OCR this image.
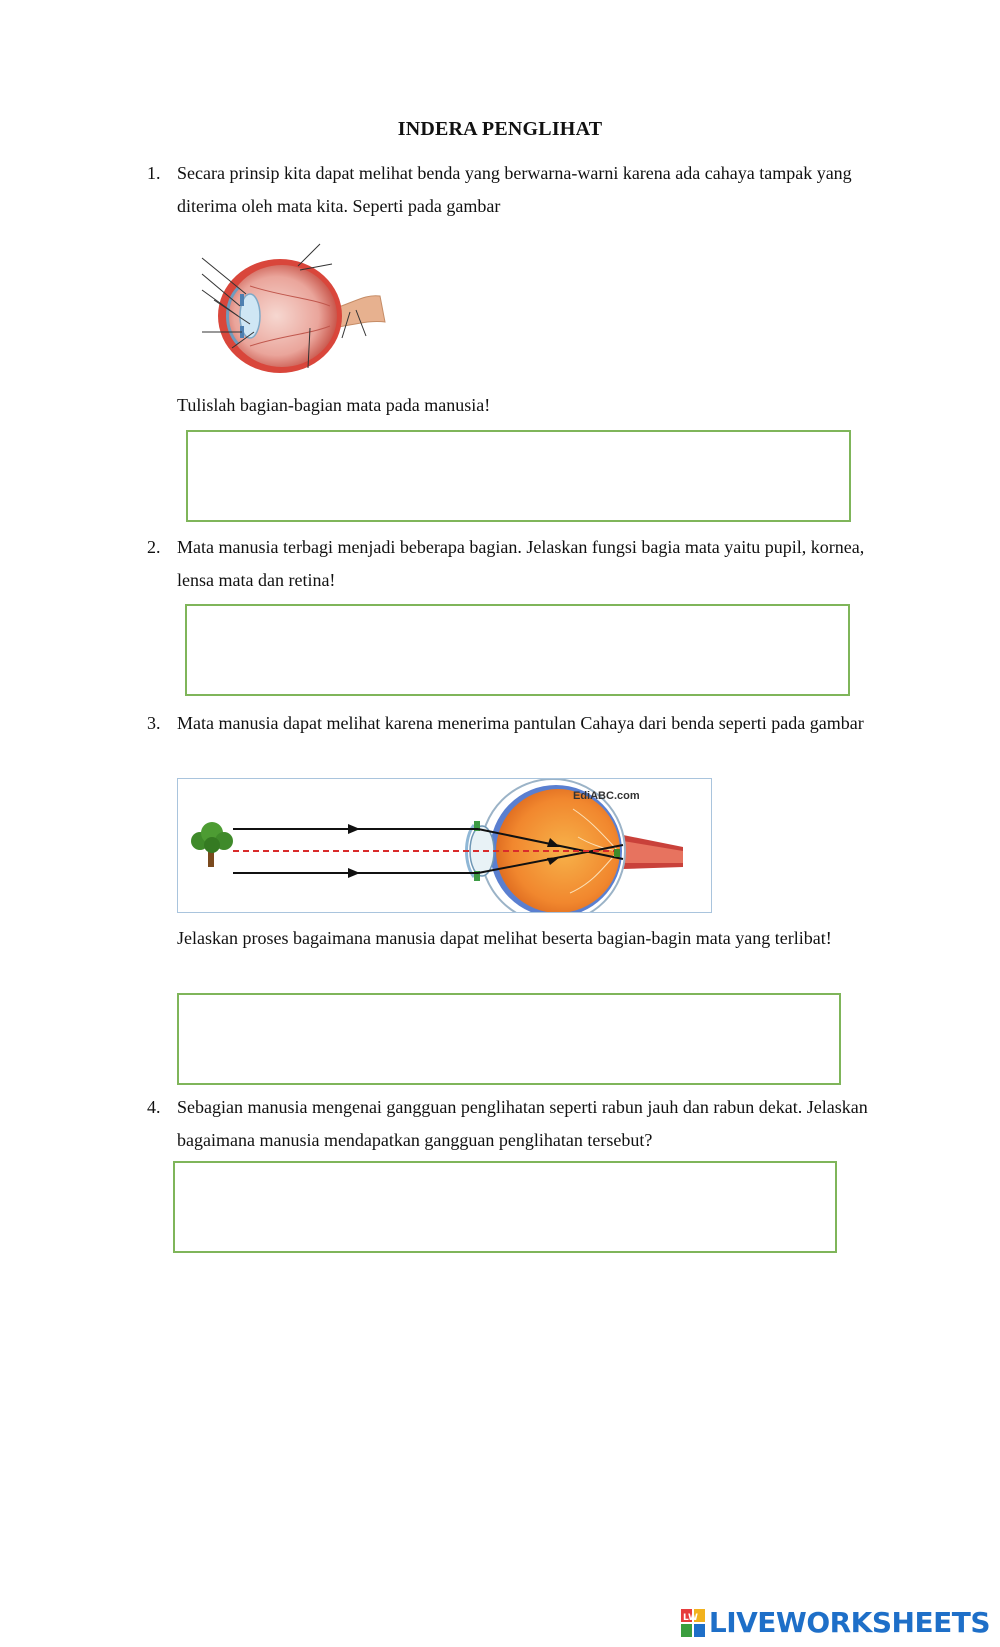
INDERA PENGLIHAT
1. Secara prinsip kita dapat melihat benda yang berwarna-warni karena ada cahaya tampak yang diterima oleh mata kita. Seperti pada gambar
Tulislah bagian-bagian mata pada manusia!
2. Mata manusia terbagi menjadi beberapa bagian. Jelaskan fungsi bagia mata yaitu pupil, kornea, lensa mata dan retina!
3. Mata manusia dapat melihat karena menerima pantulan Cahaya dari benda seperti pada gambar
EdiABC.com
Jelaskan proses bagaimana manusia dapat melihat beserta bagian-bagin mata yang terlibat!
4. Sebagian manusia mengenai gangguan penglihatan seperti rabun jauh dan rabun dekat. Jelaskan bagaimana manusia mendapatkan gangguan penglihatan tersebut?
LW LIVEWORKSHEETS
